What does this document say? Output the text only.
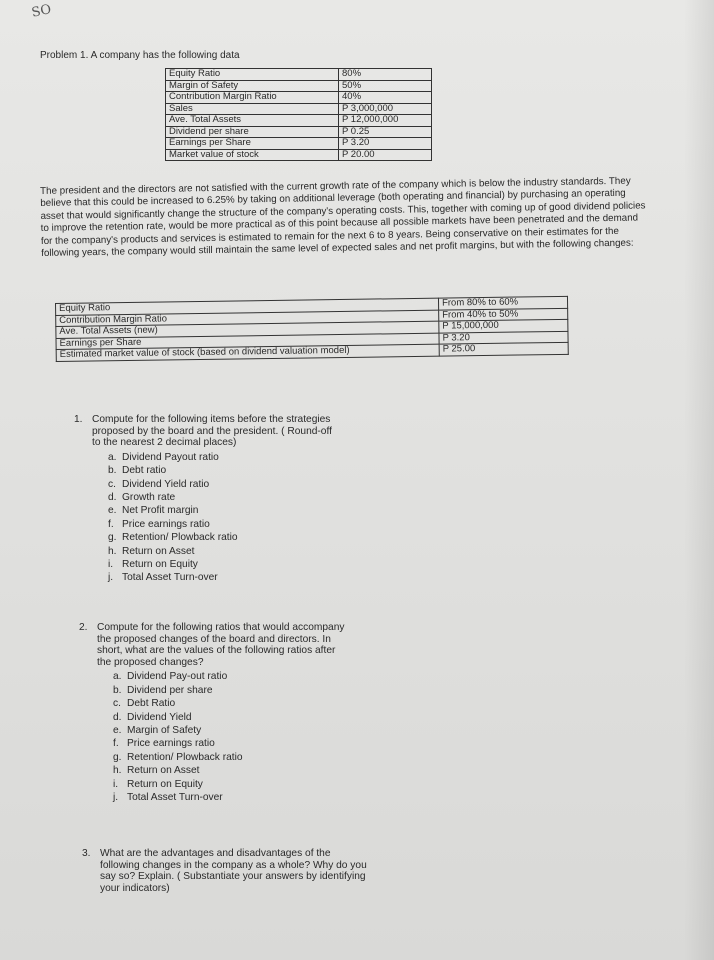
SO
Problem 1. A company has the following data
Equity Ratio	80%
Margin of Safety	50%
Contribution Margin Ratio	40%
Sales	P 3,000,000
Ave. Total Assets	P 12,000,000
Dividend per share	P 0.25
Earnings per Share	P 3.20
Market value of stock	P 20.00

The president and the directors are not satisfied with the current growth rate of the company which is below the industry standards. They believe that this could be increased to 6.25% by taking on additional leverage (both operating and financial) by purchasing an operating asset that would significantly change the structure of the company's operating costs. This, together with coming up of good dividend policies to improve the retention rate, would be more practical as of this point because all possible markets have been penetrated and the demand for the company's products and services is estimated to remain for the next 6 to 8 years. Being conservative on their estimates for the following years, the company would still maintain the same level of expected sales and net profit margins, but with the following changes:

Equity Ratio	From 80% to 60%
Contribution Margin Ratio	From 40% to 50%
Ave. Total Assets (new)	P 15,000,000
Earnings per Share	P 3.20
Estimated market value of stock (based on dividend valuation model)	P 25.00
1. Compute for the following items before the strategies proposed by the board and the president. ( Round-off to the nearest 2 decimal places)
a. Dividend Payout ratio
b. Debt ratio
c. Dividend Yield ratio
d. Growth rate
e. Net Profit margin
f. Price earnings ratio
g. Retention/ Plowback ratio
h. Return on Asset
i. Return on Equity
j. Total Asset Turn-over
2. Compute for the following ratios that would accompany the proposed changes of the board and directors. In short, what are the values of the following ratios after the proposed changes?
a. Dividend Pay-out ratio
b. Dividend per share
c. Debt Ratio
d. Dividend Yield
e. Margin of Safety
f. Price earnings ratio
g. Retention/ Plowback ratio
h. Return on Asset
i. Return on Equity
j. Total Asset Turn-over
3. What are the advantages and disadvantages of the following changes in the company as a whole? Why do you say so? Explain. ( Substantiate your answers by identifying your indicators)
